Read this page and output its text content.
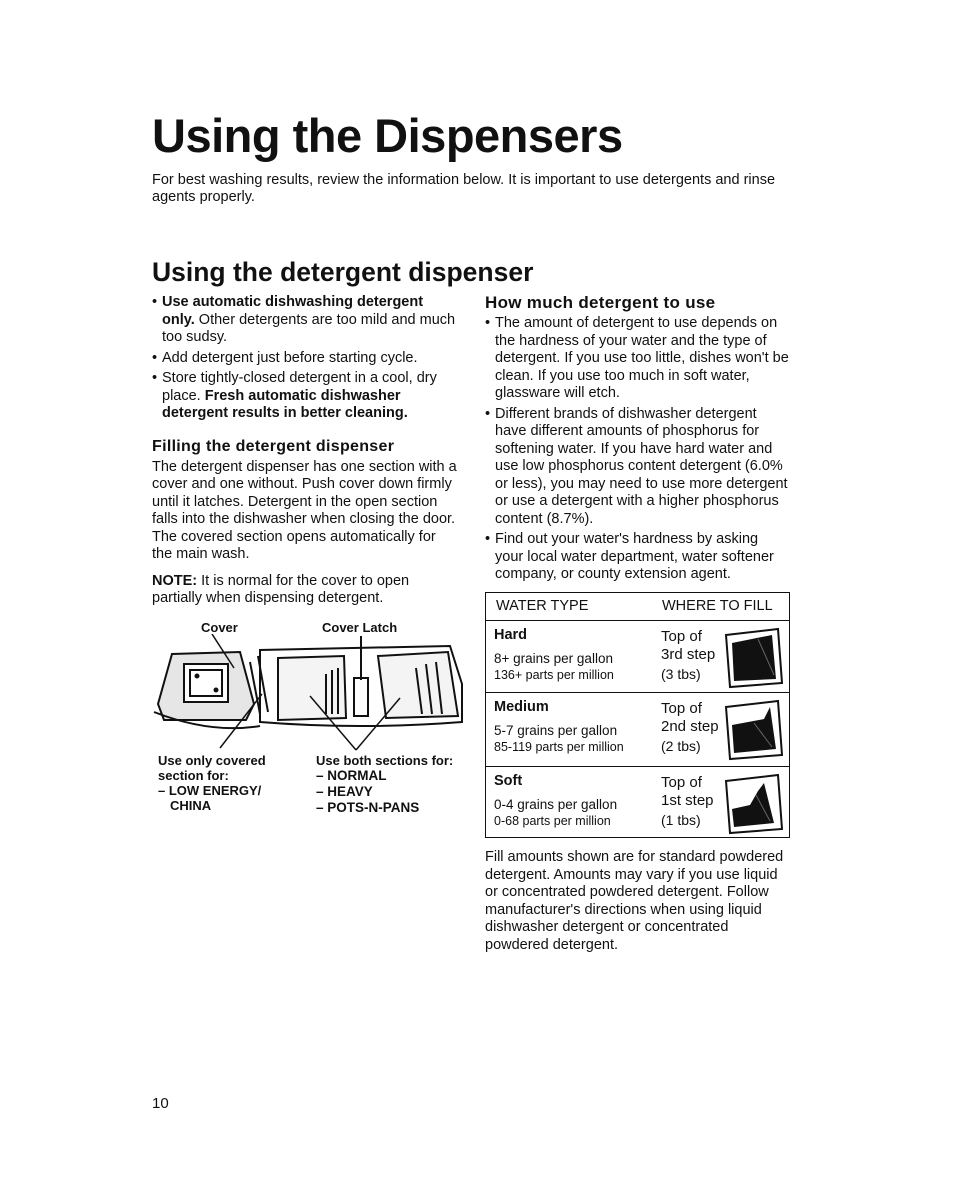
Using the Dispensers
For best washing results, review the information below. It is important to use detergents and rinse agents properly.
Using the detergent dispenser
• Use automatic dishwashing detergent only. Other detergents are too mild and much too sudsy.
• Add detergent just before starting cycle.
• Store tightly-closed detergent in a cool, dry place. Fresh automatic dishwasher detergent results in better cleaning.
Filling the detergent dispenser

The detergent dispenser has one section with a cover and one without. Push cover down firmly until it latches. Detergent in the open section falls into the dishwasher when closing the door. The covered section opens automatically for the main wash.

NOTE: It is normal for the cover to open partially when dispensing detergent.

Cover	Cover Latch
Use only covered
section for:
– LOW ENERGY/
CHINA
Use both sections for:
– NORMAL
– HEAVY
– POTS-N-PANS
How much detergent to use
• The amount of detergent to use depends on the hardness of your water and the type of detergent. If you use too little, dishes won't be clean. If you use too much in soft water, glassware will etch.
• Different brands of dishwasher detergent have different amounts of phosphorus for softening water. If you have hard water and use low phosphorus content detergent (6.0% or less), you may need to use more detergent or use a detergent with a higher phosphorus content (8.7%).
• Find out your water's hardness by asking your local water department, water softener company, or county extension agent.
WATER TYPE	WHERE TO FILL
Hard
8+ grains per gallon
136+ parts per million
Top of
3rd step
(3 tbs)
Medium
5-7 grains per gallon
85-119 parts per million
Top of
2nd step
(2 tbs)
Soft
0-4 grains per gallon
0-68 parts per million
Top of
1st step
(1 tbs)
Fill amounts shown are for standard powdered detergent. Amounts may vary if you use liquid or concentrated powdered detergent. Follow manufacturer's directions when using liquid dishwasher detergent or concentrated powdered detergent.
10
